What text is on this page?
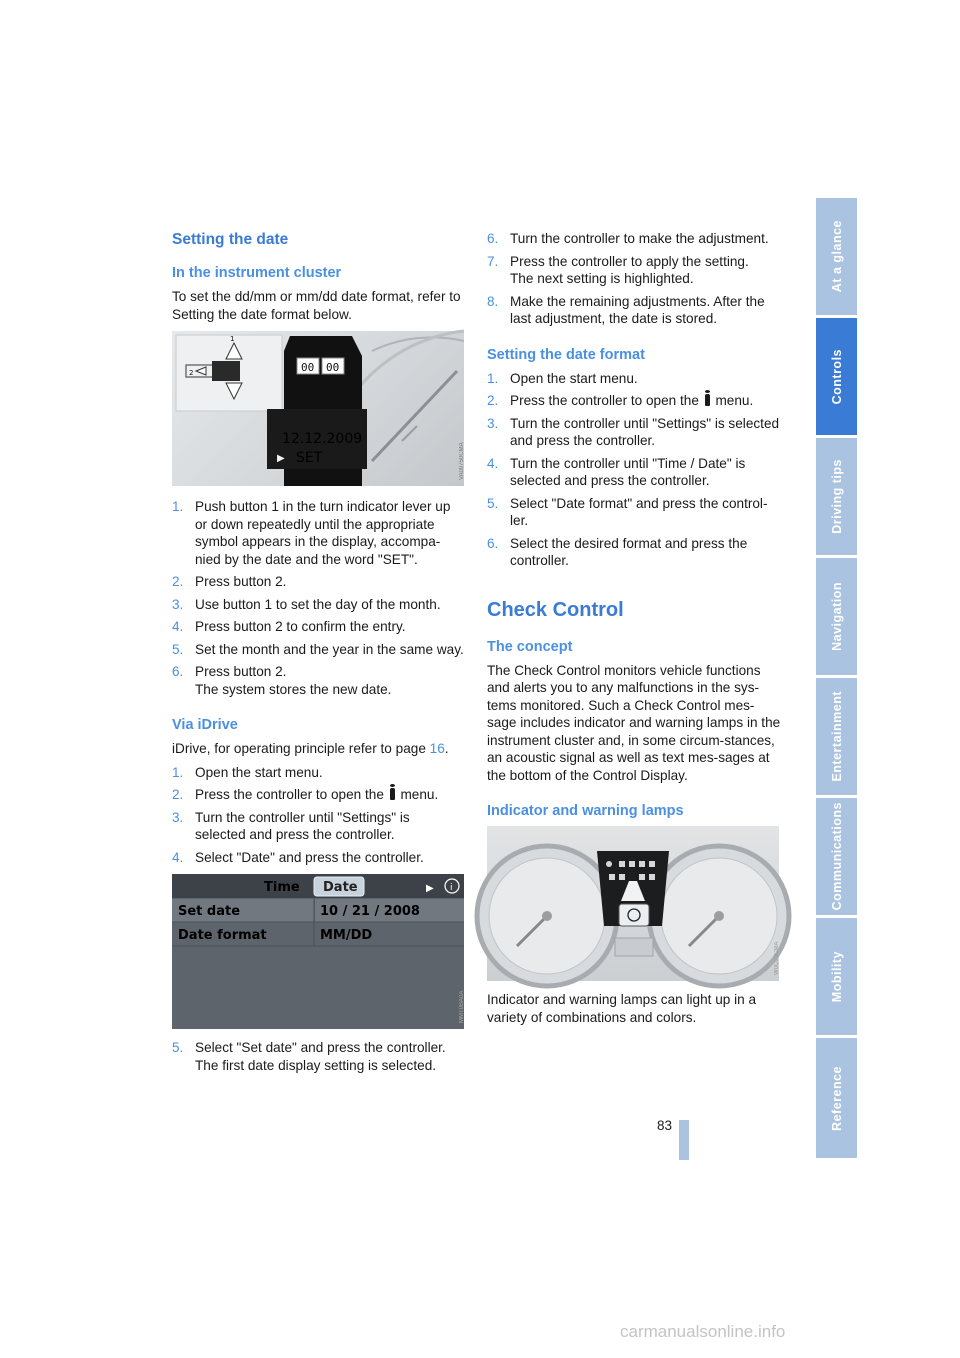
Setting the date
In the instrument cluster

To set the dd/mm or mm/dd date format, refer to Setting the date format below.

00 00
2
1
12.12.2009
▶ SET	VA00750CMA
1. Push button 1 in the turn indicator lever up or down repeatedly until the appropriate symbol appears in the display, accompa-nied by the date and the word "SET".
2. Press button 2.
3. Use button 1 to set the day of the month.
4. Press button 2 to confirm the entry.
5. Set the month and the year in the same way.
6. Press button 2.
The system stores the new date.
Via iDrive

iDrive, for operating principle refer to page 16.

1. Open the start menu.
2. Press the controller to open the  menu.
3. Turn the controller until "Settings" is selected and press the controller.
4. Select "Date" and press the controller.
Time Date	▶ i
Set date	10 / 21 / 2008
Date format	MM/DD
MMT0BA0A
5. Select "Set date" and press the controller.
The first date display setting is selected.
6. Turn the controller to make the adjustment.
7. Press the controller to apply the setting.
The next setting is highlighted.
8. Make the remaining adjustments. After the last adjustment, the date is stored.
Setting the date format
1. Open the start menu.
2. Press the controller to open the  menu.
3. Turn the controller until "Settings" is selected and press the controller.
4. Turn the controller until "Time / Date" is selected and press the controller.
5. Select "Date format" and press the control-ler.
6. Select the desired format and press the controller.
Check Control
The concept

The Check Control monitors vehicle functions and alerts you to any malfunctions in the sys-tems monitored. Such a Check Control mes-sage includes indicator and warning lamps in the instrument cluster and, in some circum-stances, an acoustic signal as well as text mes-sages at the bottom of the Control Display.

Indicator and warning lamps
W0C03CMA

Indicator and warning lamps can light up in a variety of combinations and colors.

At a glance
Controls
Driving tips
Navigation
Entertainment
Communications
Mobility
Reference
83
carmanualsonline.info
